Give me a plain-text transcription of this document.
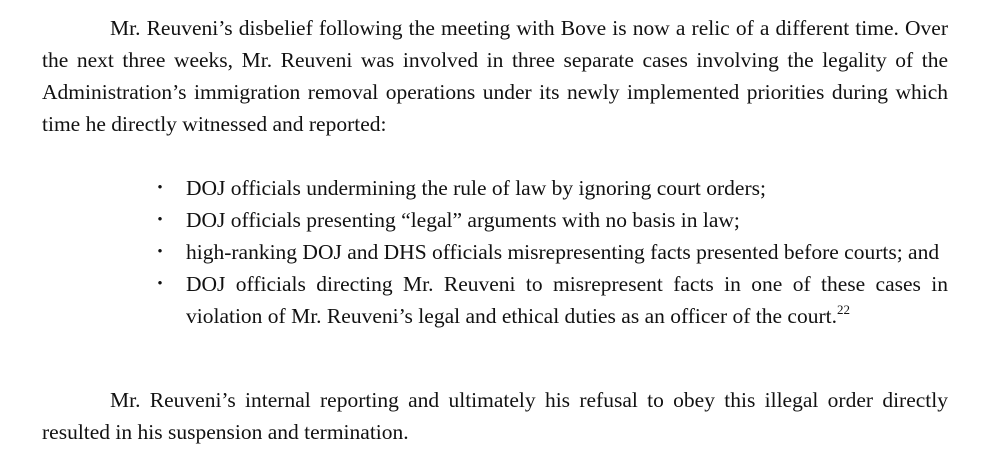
Mr. Reuveni’s disbelief following the meeting with Bove is now a relic of a different time. Over the next three weeks, Mr. Reuveni was involved in three separate cases involving the legality of the Administration’s immigration removal operations under its newly implemented priorities during which time he directly witnessed and reported:

•	DOJ officials undermining the rule of law by ignoring court orders;
•	DOJ officials presenting “legal” arguments with no basis in law;
•	high-ranking DOJ and DHS officials misrepresenting facts presented before courts; and
•	DOJ officials directing Mr. Reuveni to misrepresent facts in one of these cases in violation of Mr. Reuveni’s legal and ethical duties as an officer of the court.$^{22}$

Mr. Reuveni’s internal reporting and ultimately his refusal to obey this illegal order directly resulted in his suspension and termination.
